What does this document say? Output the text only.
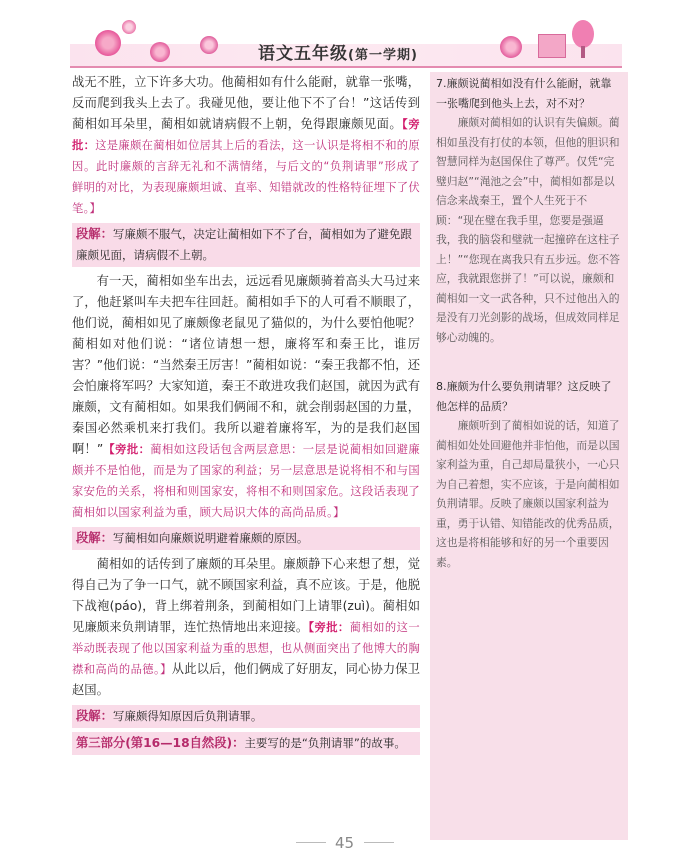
语文五年级(第一学期)

战无不胜，立下许多大功。他蔺相如有什么能耐，就靠一张嘴，反而爬到我头上去了。我碰见他，要让他下不了台！”这话传到蔺相如耳朵里，蔺相如就请病假不上朝，免得跟廉颇见面。【旁批：这是廉颇在蔺相如位居其上后的看法，这一认识是将相不和的原因。此时廉颇的言辞无礼和不满情绪，与后文的“负荆请罪”形成了鲜明的对比，为表现廉颇坦诚、直率、知错就改的性格特征埋下了伏笔。】

段解：写廉颇不服气，决定让蔺相如下不了台，蔺相如为了避免跟廉颇见面，请病假不上朝。

有一天，蔺相如坐车出去，远远看见廉颇骑着高头大马过来了，他赶紧叫车夫把车往回赶。蔺相如手下的人可看不顺眼了，他们说，蔺相如见了廉颇像老鼠见了猫似的，为什么要怕他呢？蔺相如对他们说：“诸位请想一想，廉将军和秦王比，谁厉害？”他们说：“当然秦王厉害！”蔺相如说：“秦王我都不怕，还会怕廉将军吗？大家知道，秦王不敢进攻我们赵国，就因为武有廉颇，文有蔺相如。如果我们俩闹不和，就会削弱赵国的力量，秦国必然乘机来打我们。我所以避着廉将军，为的是我们赵国啊！”【旁批：蔺相如这段话包含两层意思：一层是说蔺相如回避廉颇并不是怕他，而是为了国家的利益；另一层意思是说将相不和与国家安危的关系，将相和则国家安，将相不和则国家危。这段话表现了蔺相如以国家利益为重，顾大局识大体的高尚品质。】

段解：写蔺相如向廉颇说明避着廉颇的原因。

蔺相如的话传到了廉颇的耳朵里。廉颇静下心来想了想，觉得自己为了争一口气，就不顾国家利益，真不应该。于是，他脱下战袍(páo)，背上绑着荆条，到蔺相如门上请罪(zuì)。蔺相如见廉颇来负荆请罪，连忙热情地出来迎接。【旁批：蔺相如的这一举动既表现了他以国家利益为重的思想，也从侧面突出了他博大的胸襟和高尚的品德。】从此以后，他们俩成了好朋友，同心协力保卫赵国。

段解：写廉颇得知原因后负荆请罪。
第三部分(第16—18自然段)：主要写的是“负荆请罪”的故事。
7.廉颇说蔺相如没有什么能耐，就靠一张嘴爬到他头上去，对不对？
廉颇对蔺相如的认识有失偏颇。蔺相如虽没有打仗的本领，但他的胆识和智慧同样为赵国保住了尊严。仅凭“完璧归赵”“渑池之会”中，蔺相如都是以信念来战秦王，置个人生死于不顾：“现在璧在我手里，您要是强逼我，我的脑袋和璧就一起撞碎在这柱子上！”“您现在离我只有五步远。您不答应，我就跟您拼了！”可以说，廉颇和蔺相如一文一武各种，只不过他出入的是没有刀光剑影的战场，但成效同样足够心动魄的。
8.廉颇为什么要负荆请罪？这反映了他怎样的品质？
廉颇听到了蔺相如说的话，知道了蔺相如处处回避他并非怕他，而是以国家利益为重，自己却局量狭小，一心只为自己着想，实不应该，于是向蔺相如负荆请罪。反映了廉颇以国家利益为重，勇于认错、知错能改的优秀品质，这也是将相能够和好的另一个重要因素。
45
